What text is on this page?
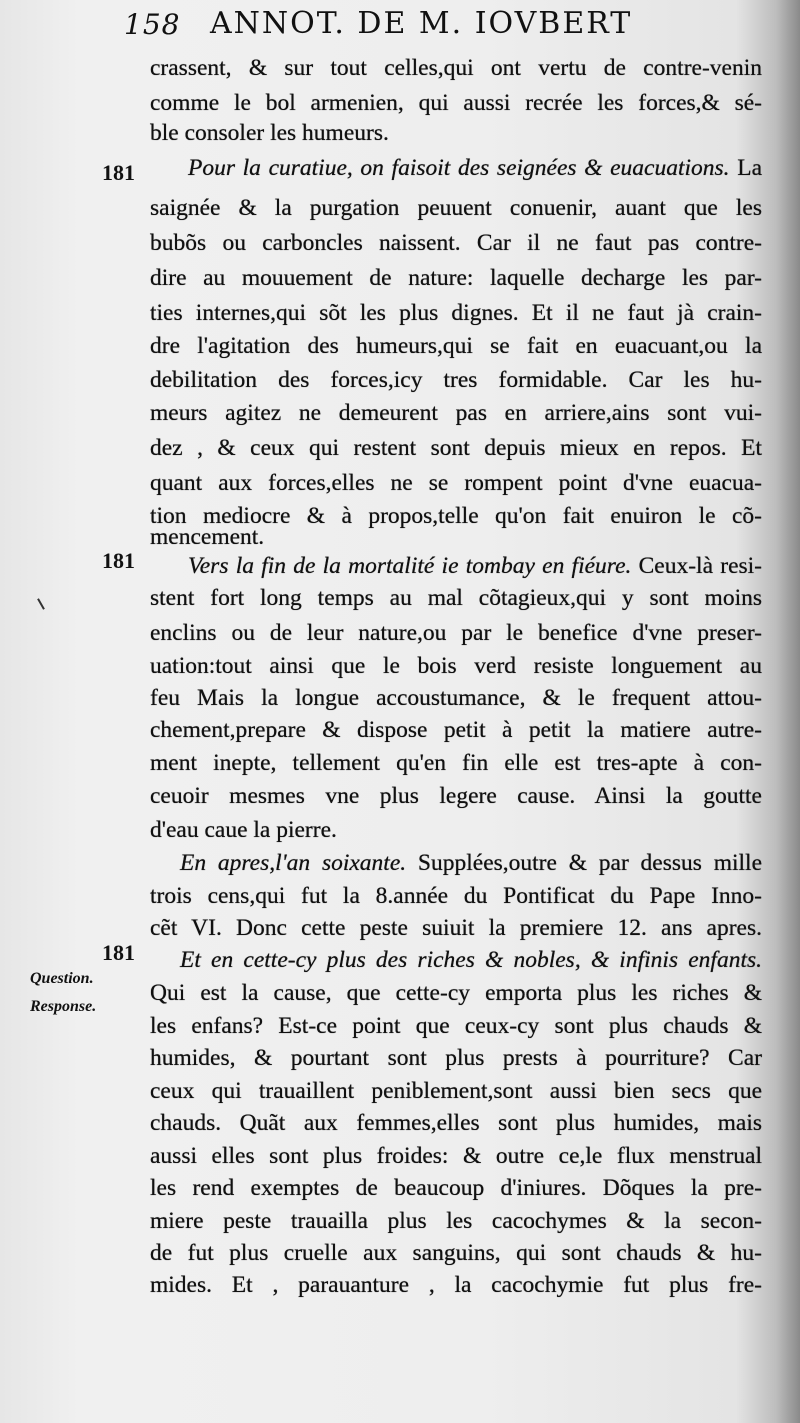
158 ANNOT. DE M. IOVBERT
181
181
181
Question.
Response.
crassent, & sur tout celles,qui ont vertu de contre-venin
comme le bol armenien, qui aussi recrée les forces,& sé-
ble consoler les humeurs.
Pour la curatiue, on faisoit des seignées & euacuations. La
saignée & la purgation peuuent conuenir, auant que les
bubõs ou carboncles naissent. Car il ne faut pas contre-
dire au mouuement de nature: laquelle decharge les par-
ties internes,qui sõt les plus dignes. Et il ne faut jà crain-
dre l'agitation des humeurs,qui se fait en euacuant,ou la
debilitation des forces,icy tres formidable. Car les hu-
meurs agitez ne demeurent pas en arriere,ains sont vui-
dez , & ceux qui restent sont depuis mieux en repos. Et
quant aux forces,elles ne se rompent point d'vne euacua-
tion mediocre & à propos,telle qu'on fait enuiron le cõ-
mencement.
Vers la fin de la mortalité ie tombay en fiéure. Ceux-là resi-
stent fort long temps au mal cõtagieux,qui y sont moins
enclins ou de leur nature,ou par le benefice d'vne preser-
uation:tout ainsi que le bois verd resiste longuement au
feu Mais la longue accoustumance, & le frequent attou-
chement,prepare & dispose petit à petit la matiere autre-
ment inepte, tellement qu'en fin elle est tres-apte à con-
ceuoir mesmes vne plus legere cause. Ainsi la goutte
d'eau caue la pierre.
En apres,l'an soixante. Supplées,outre & par dessus mille
trois cens,qui fut la 8.année du Pontificat du Pape Inno-
cẽt VI. Donc cette peste suiuit la premiere 12. ans apres.
Et en cette-cy plus des riches & nobles, & infinis enfants.
Qui est la cause, que cette-cy emporta plus les riches &
les enfans? Est-ce point que ceux-cy sont plus chauds &
humides, & pourtant sont plus prests à pourriture? Car
ceux qui trauaillent peniblement,sont aussi bien secs que
chauds. Quãt aux femmes,elles sont plus humides, mais
aussi elles sont plus froides: & outre ce,le flux menstrual
les rend exemptes de beaucoup d'iniures. Dõques la pre-
miere peste trauailla plus les cacochymes & la secon-
de fut plus cruelle aux sanguins, qui sont chauds & hu-
mides. Et , parauanture , la cacochymie fut plus fre-
